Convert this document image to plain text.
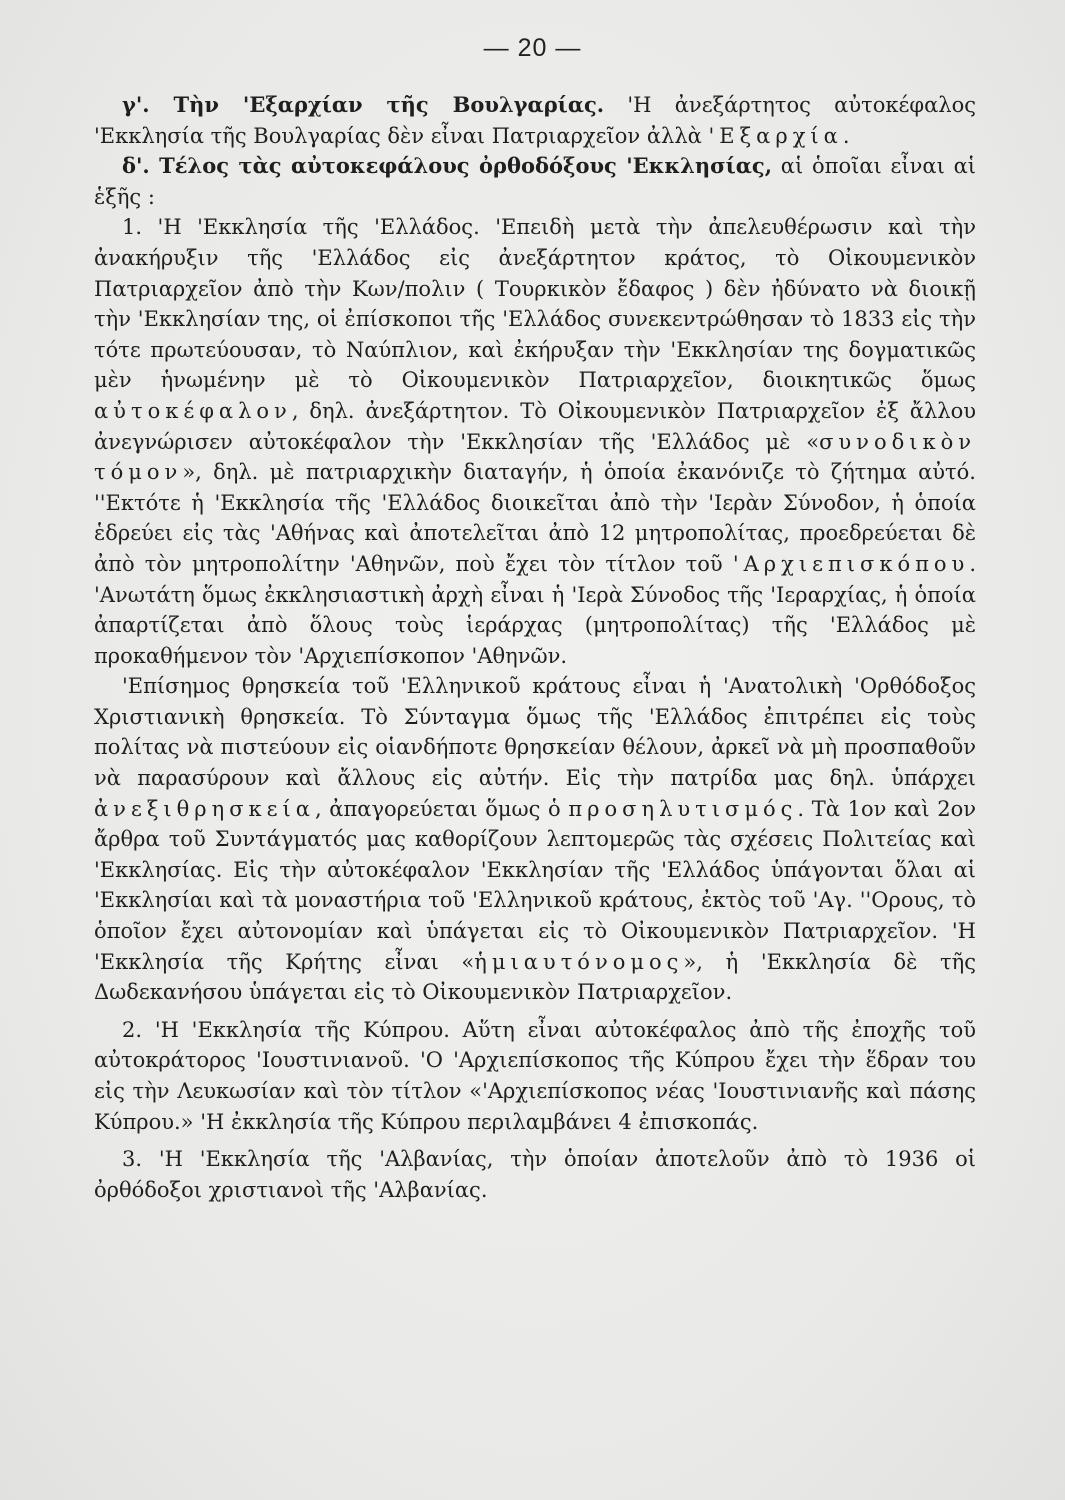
— 20 —

γ'. Τὴν 'Εξαρχίαν τῆς Βουλγαρίας. 'Η ἀνεξάρτητος αὐτοκέφαλος 'Εκκλησία τῆς Βουλγαρίας δὲν εἶναι Πατριαρχεῖον ἀλλὰ 'Εξαρχία.

δ'. Τέλος τὰς αὐτοκεφάλους ὀρθοδόξους 'Εκκλησίας, αἱ ὁποῖαι εἶναι αἱ ἑξῆς :

1. 'Η 'Εκκλησία τῆς 'Ελλάδος. 'Επειδὴ μετὰ τὴν ἀπελευθέρωσιν καὶ τὴν ἀνακήρυξιν τῆς 'Ελλάδος εἰς ἀνεξάρτητον κράτος, τὸ Οἰκουμενικὸν Πατριαρχεῖον ἀπὸ τὴν Κων/πολιν ( Τουρκικὸν ἔδαφος ) δὲν ἠδύνατο νὰ διοικῇ τὴν 'Εκκλησίαν της, οἱ ἐπίσκοποι τῆς 'Ελλάδος συνεκεντρώθησαν τὸ 1833 εἰς τὴν τότε πρωτεύουσαν, τὸ Ναύπλιον, καὶ ἐκήρυξαν τὴν 'Εκκλησίαν της δογματικῶς μὲν ἡνωμένην μὲ τὸ Οἰκουμενικὸν Πατριαρχεῖον, διοικητικῶς ὅμως αὐτοκέφαλον, δηλ. ἀνεξάρτητον. Τὸ Οἰκουμενικὸν Πατριαρχεῖον ἐξ ἄλλου ἀνεγνώρισεν αὐτοκέφαλον τὴν 'Εκκλησίαν τῆς 'Ελλάδος μὲ «συνοδικὸν τόμον», δηλ. μὲ πατριαρχικὴν διαταγήν, ἡ ὁποία ἐκανόνιζε τὸ ζήτημα αὐτό. ''Εκτότε ἡ 'Εκκλησία τῆς 'Ελλάδος διοικεῖται ἀπὸ τὴν 'Ιερὰν Σύνοδον, ἡ ὁποία ἑδρεύει εἰς τὰς 'Αθήνας καὶ ἀποτελεῖται ἀπὸ 12 μητροπολίτας, προεδρεύεται δὲ ἀπὸ τὸν μητροπολίτην 'Αθηνῶν, ποὺ ἔχει τὸν τίτλον τοῦ 'Αρχιεπισκόπου. 'Ανωτάτη ὅμως ἐκκλησιαστικὴ ἀρχὴ εἶναι ἡ 'Ιερὰ Σύνοδος τῆς 'Ιεραρχίας, ἡ ὁποία ἀπαρτίζεται ἀπὸ ὅλους τοὺς ἱεράρχας (μητροπολίτας) τῆς 'Ελλάδος μὲ προκαθήμενον τὸν 'Αρχιεπίσκοπον 'Αθηνῶν.

'Επίσημος θρησκεία τοῦ 'Ελληνικοῦ κράτους εἶναι ἡ 'Ανατολικὴ 'Ορθόδοξος Χριστιανικὴ θρησκεία. Τὸ Σύνταγμα ὅμως τῆς 'Ελλάδος ἐπιτρέπει εἰς τοὺς πολίτας νὰ πιστεύουν εἰς οἱανδήποτε θρησκείαν θέλουν, ἀρκεῖ νὰ μὴ προσπαθοῦν νὰ παρασύρουν καὶ ἄλλους εἰς αὐτήν. Εἰς τὴν πατρίδα μας δηλ. ὑπάρχει ἀνεξιθρησκεία, ἀπαγορεύεται ὅμως ὁ προσηλυτισμός. Τὰ 1ον καὶ 2ον ἄρθρα τοῦ Συντάγματός μας καθορίζουν λεπτομερῶς τὰς σχέσεις Πολιτείας καὶ 'Εκκλησίας. Εἰς τὴν αὐτοκέφαλον 'Εκκλησίαν τῆς 'Ελλάδος ὑπάγονται ὅλαι αἱ 'Εκκλησίαι καὶ τὰ μοναστήρια τοῦ 'Ελληνικοῦ κράτους, ἐκτὸς τοῦ 'Αγ. ''Ορους, τὸ ὁποῖον ἔχει αὐτονομίαν καὶ ὑπάγεται εἰς τὸ Οἰκουμενικὸν Πατριαρχεῖον. 'Η 'Εκκλησία τῆς Κρήτης εἶναι «ἡμιαυτόνομος», ἡ 'Εκκλησία δὲ τῆς Δωδεκανήσου ὑπάγεται εἰς τὸ Οἰκουμενικὸν Πατριαρχεῖον.

2. 'Η 'Εκκλησία τῆς Κύπρου. Αὕτη εἶναι αὐτοκέφαλος ἀπὸ τῆς ἐποχῆς τοῦ αὐτοκράτορος 'Ιουστινιανοῦ. 'Ο 'Αρχιεπίσκοπος τῆς Κύπρου ἔχει τὴν ἕδραν του εἰς τὴν Λευκωσίαν καὶ τὸν τίτλον «'Αρχιεπίσκοπος νέας 'Ιουστινιανῆς καὶ πάσης Κύπρου.» 'Η ἐκκλησία τῆς Κύπρου περιλαμβάνει 4 ἐπισκοπάς.

3. 'Η 'Εκκλησία τῆς 'Αλβανίας, τὴν ὁποίαν ἀποτελοῦν ἀπὸ τὸ 1936 οἱ ὀρθόδοξοι χριστιανοὶ τῆς 'Αλβανίας.
